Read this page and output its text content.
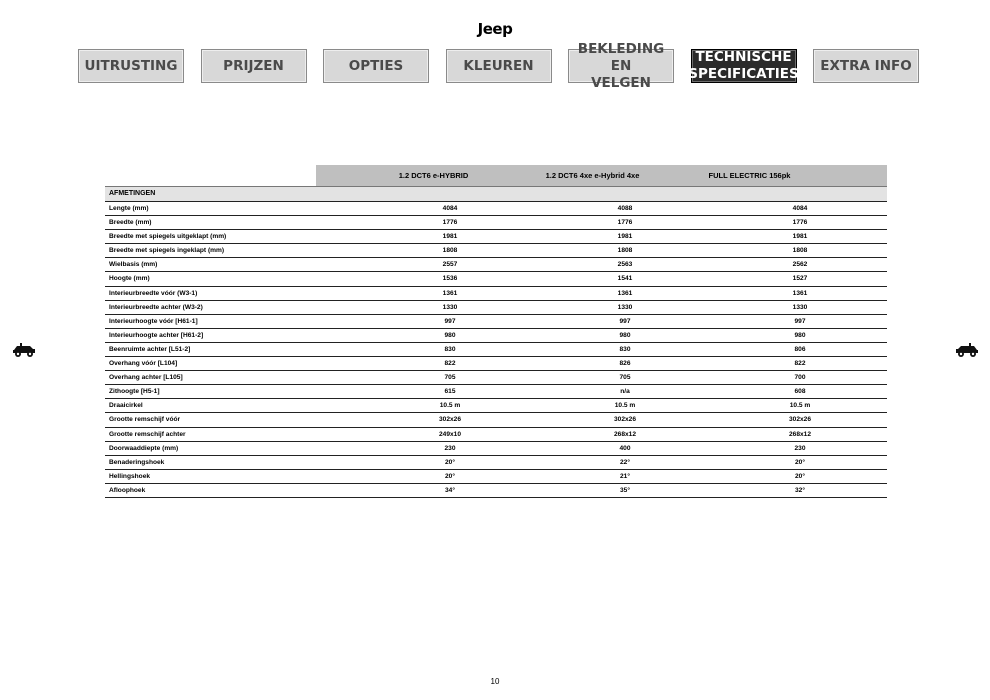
Jeep
UITRUSTING	PRIJZEN	OPTIES	KLEUREN
BEKLEDING EN
VELGEN
TECHNISCHE
SPECIFICATIES
EXTRA INFO
1.2 DCT6 e-HYBRID	1.2 DCT6 4xe e-Hybrid 4xe	FULL ELECTRIC 156pk
AFMETINGEN
Lengte (mm)	4084	4088	4084
Breedte (mm)	1776	1776	1776
Breedte met spiegels uitgeklapt (mm)	1981	1981	1981
Breedte met spiegels ingeklapt (mm)	1808	1808	1808
Wielbasis (mm)	2557	2563	2562
Hoogte (mm)	1536	1541	1527
Interieurbreedte vóór (W3-1)	1361	1361	1361
Interieurbreedte achter (W3-2)	1330	1330	1330
Interieurhoogte vóór [H61-1]	997	997	997
Interieurhoogte achter [H61-2]	980	980	980
Beenruimte achter [L51-2]	830	830	806
Overhang vóór [L104]	822	826	822
Overhang achter [L105]	705	705	700
Zithoogte [H5-1]	615	n/a	608
Draaicirkel	10.5 m	10.5 m	10.5 m
Grootte remschijf vóór	302x26	302x26	302x26
Grootte remschijf achter	249x10	268x12	268x12
Doorwaaddiepte (mm)	230	400	230
Benaderingshoek	20°	22°	20°
Hellingshoek	20°	21°	20°
Afloophoek	34°	35°	32°
10
